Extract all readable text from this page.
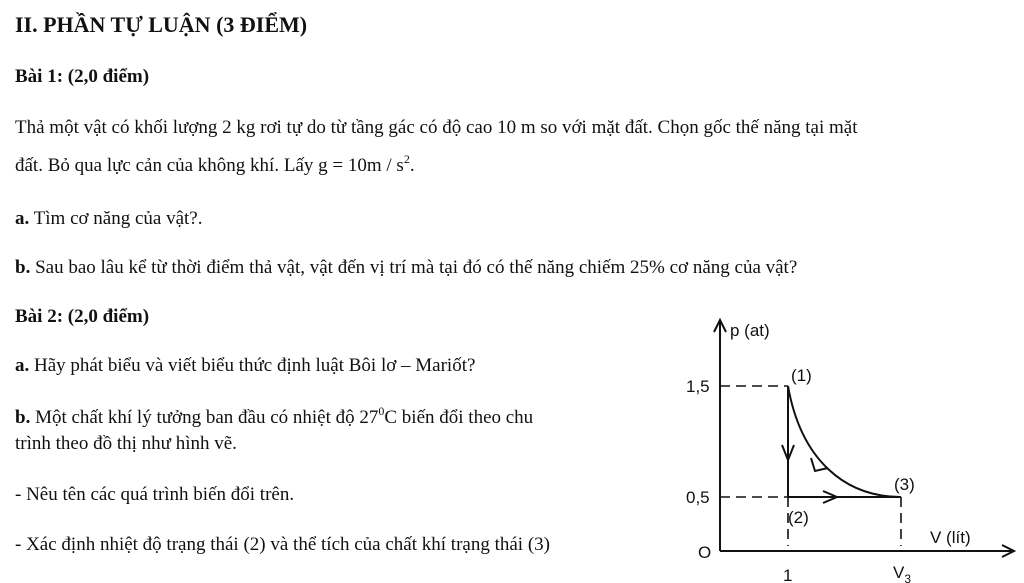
II. PHẦN TỰ LUẬN (3 ĐIỂM)
Bài 1: (2,0 điểm)
Thả một vật có khối lượng 2 kg rơi tự do từ tầng gác có độ cao 10 m so với mặt đất. Chọn gốc thế năng tại mặt
đất. Bỏ qua lực cản của không khí. Lấy $g = 10m / s^2$.
a. Tìm cơ năng của vật?.
b. Sau bao lâu kể từ thời điểm thả vật, vật đến vị trí mà tại đó có thế năng chiếm 25% cơ năng của vật?
Bài 2: (2,0 điểm)
a. Hãy phát biểu và viết biểu thức định luật Bôi lơ – Mariốt?
b. Một chất khí lý tưởng ban đầu có nhiệt độ $27^0C$ biến đổi theo chu
trình theo đồ thị như hình vẽ.
- Nêu tên các quá trình biến đổi trên.
- Xác định nhiệt độ trạng thái (2) và thể tích của chất khí trạng thái (3)
p (at)
V (lít)
O
1,5
0,5
1	$V_3$
(1)
(2)
(3)
